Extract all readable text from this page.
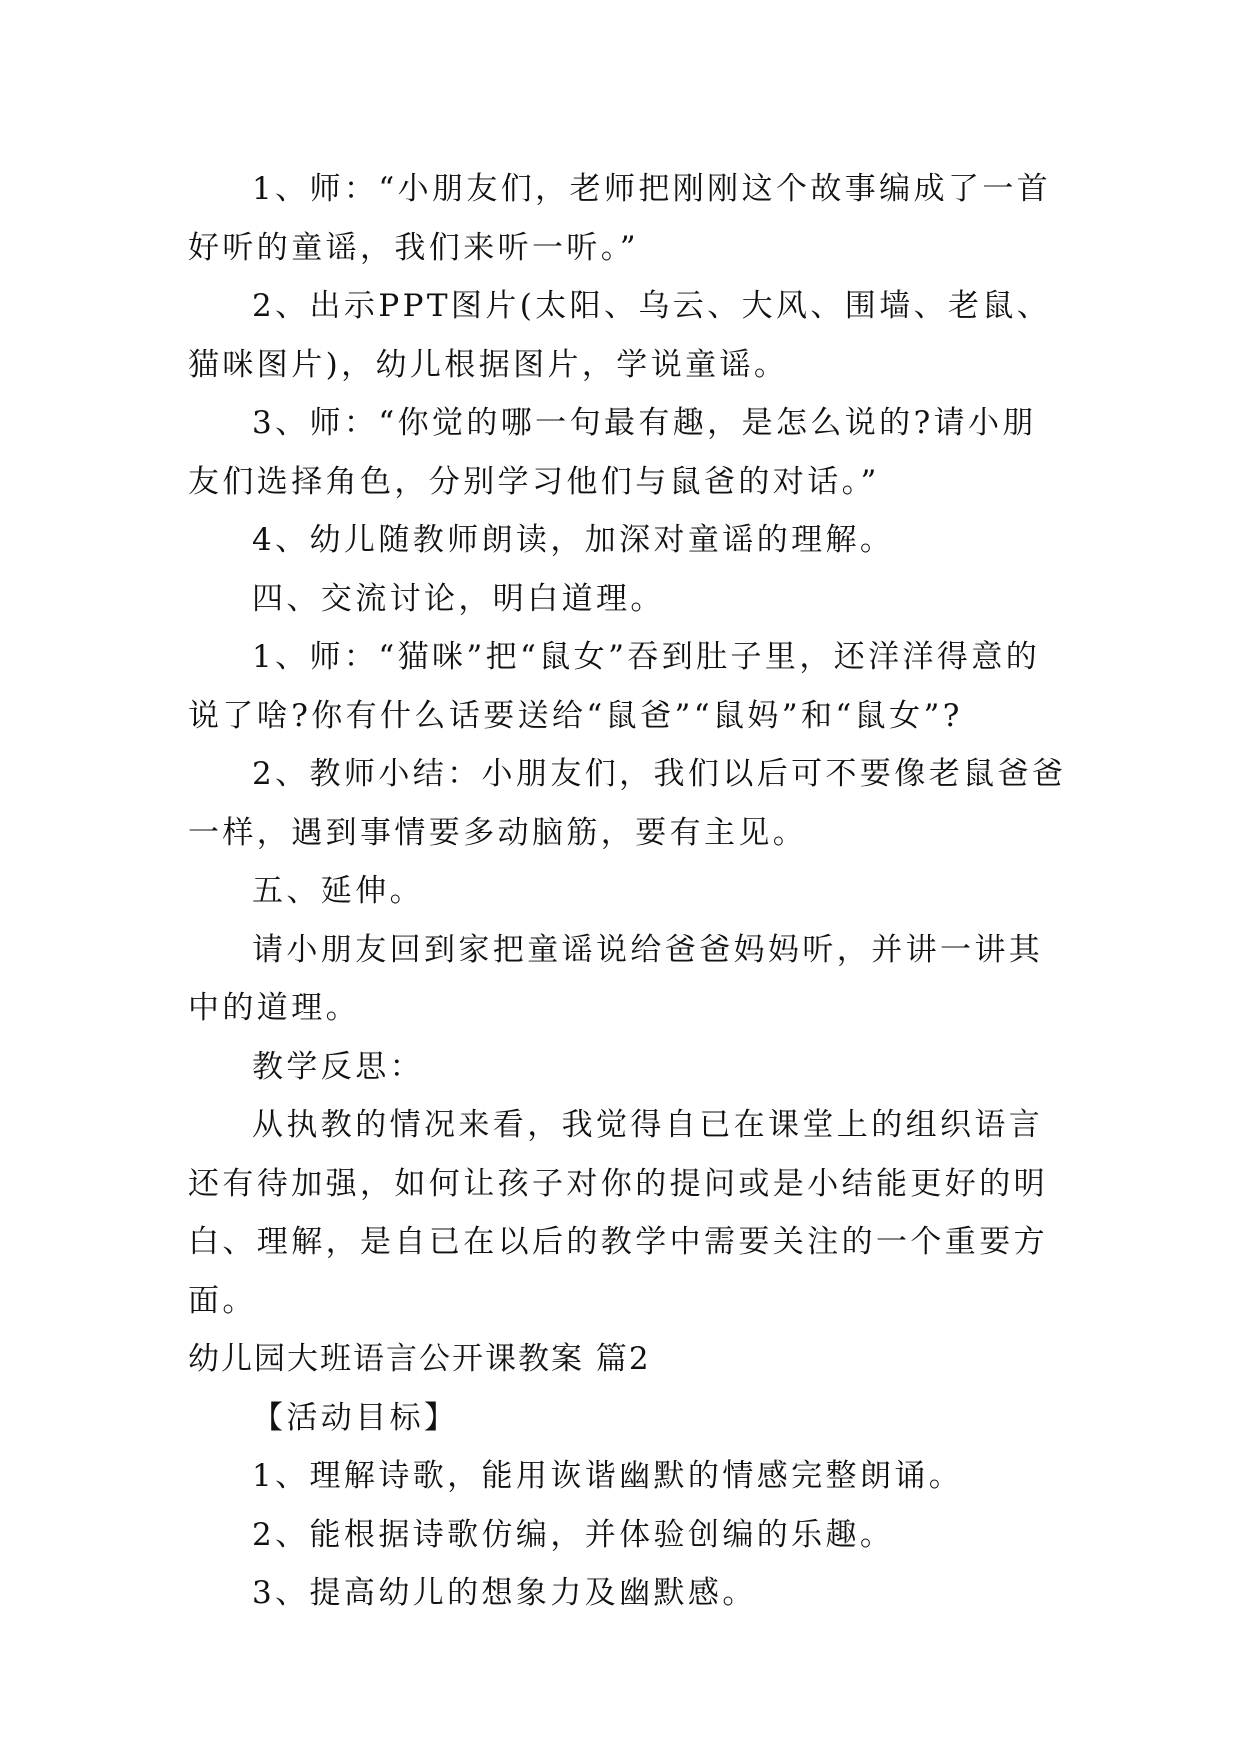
1、师：“小朋友们，老师把刚刚这个故事编成了一首好听的童谣，我们来听一听。”

2、出示PPT图片(太阳、乌云、大风、围墙、老鼠、猫咪图片)，幼儿根据图片，学说童谣。

3、师：“你觉的哪一句最有趣，是怎么说的?请小朋友们选择角色，分别学习他们与鼠爸的对话。”

4、幼儿随教师朗读，加深对童谣的理解。

四、交流讨论，明白道理。

1、师：“猫咪”把“鼠女”吞到肚子里，还洋洋得意的说了啥?你有什么话要送给“鼠爸”“鼠妈”和“鼠女”?

2、教师小结：小朋友们，我们以后可不要像老鼠爸爸一样，遇到事情要多动脑筋，要有主见。

五、延伸。

请小朋友回到家把童谣说给爸爸妈妈听，并讲一讲其中的道理。

教学反思：

从执教的情况来看，我觉得自已在课堂上的组织语言还有待加强，如何让孩子对你的提问或是小结能更好的明白、理解，是自已在以后的教学中需要关注的一个重要方面。

幼儿园大班语言公开课教案 篇2

【活动目标】

1、理解诗歌，能用诙谐幽默的情感完整朗诵。

2、能根据诗歌仿编，并体验创编的乐趣。

3、提高幼儿的想象力及幽默感。
